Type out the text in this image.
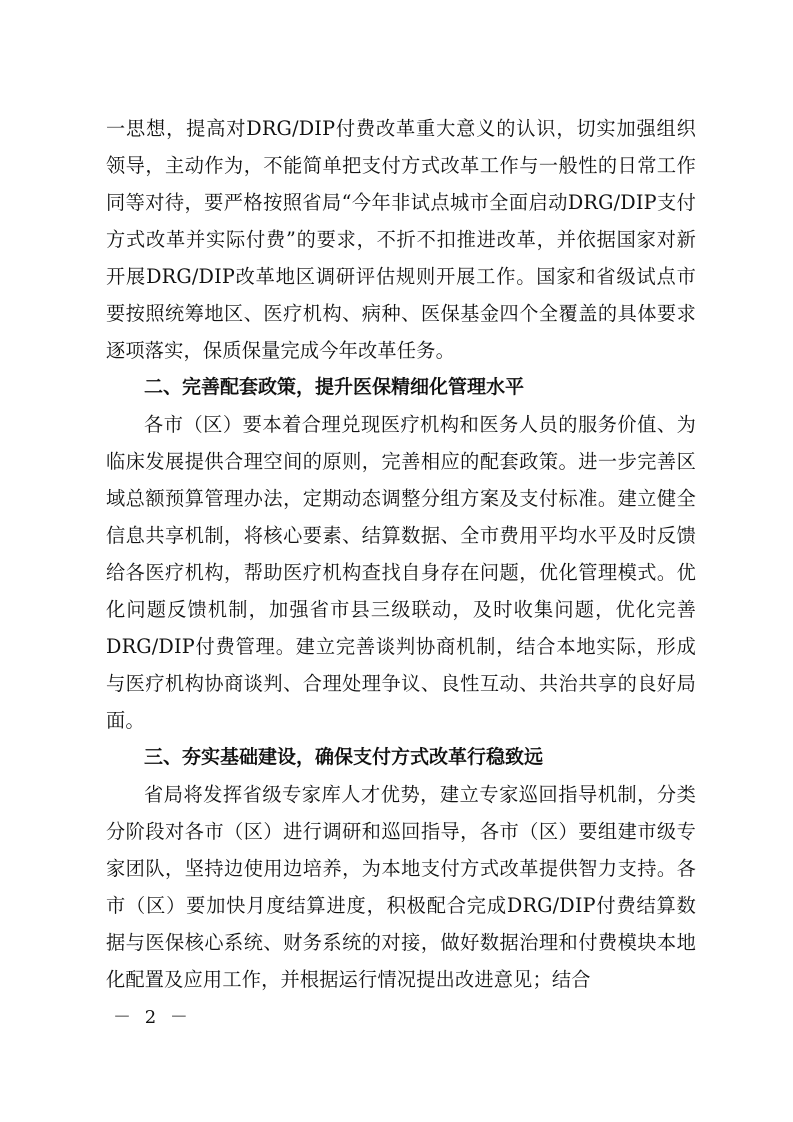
一思想，提高对DRG/DIP付费改革重大意义的认识，切实加强组织领导，主动作为，不能简单把支付方式改革工作与一般性的日常工作同等对待，要严格按照省局“今年非试点城市全面启动DRG/DIP支付方式改革并实际付费”的要求，不折不扣推进改革，并依据国家对新开展DRG/DIP改革地区调研评估规则开展工作。国家和省级试点市要按照统筹地区、医疗机构、病种、医保基金四个全覆盖的具体要求逐项落实，保质保量完成今年改革任务。

二、完善配套政策，提升医保精细化管理水平

各市（区）要本着合理兑现医疗机构和医务人员的服务价值、为临床发展提供合理空间的原则，完善相应的配套政策。进一步完善区域总额预算管理办法，定期动态调整分组方案及支付标准。建立健全信息共享机制，将核心要素、结算数据、全市费用平均水平及时反馈给各医疗机构，帮助医疗机构查找自身存在问题，优化管理模式。优化问题反馈机制，加强省市县三级联动，及时收集问题，优化完善DRG/DIP付费管理。建立完善谈判协商机制，结合本地实际，形成与医疗机构协商谈判、合理处理争议、良性互动、共治共享的良好局面。

三、夯实基础建设，确保支付方式改革行稳致远

省局将发挥省级专家库人才优势，建立专家巡回指导机制，分类分阶段对各市（区）进行调研和巡回指导，各市（区）要组建市级专家团队，坚持边使用边培养，为本地支付方式改革提供智力支持。各市（区）要加快月度结算进度，积极配合完成DRG/DIP付费结算数据与医保核心系统、财务系统的对接，做好数据治理和付费模块本地化配置及应用工作，并根据运行情况提出改进意见；结合

－ 2 －
